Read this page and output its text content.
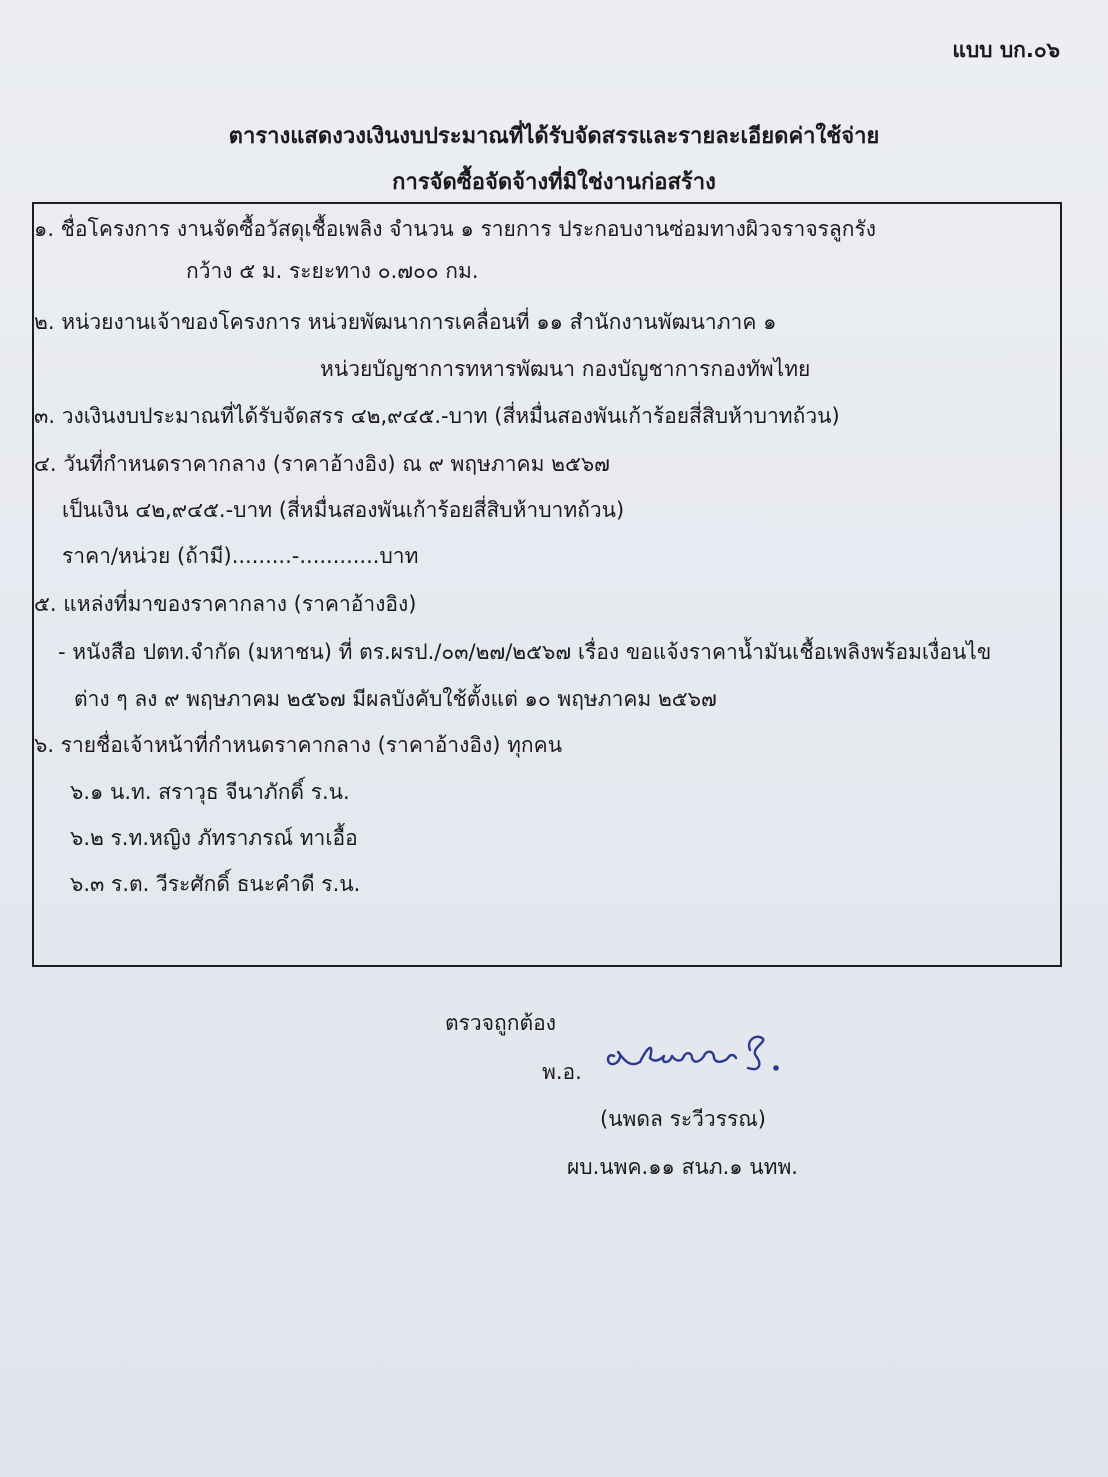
แบบ บก.๐๖
ตารางแสดงวงเงินงบประมาณที่ได้รับจัดสรรและรายละเอียดค่าใช้จ่าย
การจัดซื้อจัดจ้างที่มิใช่งานก่อสร้าง
๑. ชื่อโครงการ งานจัดซื้อวัสดุเชื้อเพลิง จำนวน ๑ รายการ ประกอบงานซ่อมทางผิวจราจรลูกรัง
กว้าง ๕ ม. ระยะทาง ๐.๗๐๐ กม.
๒. หน่วยงานเจ้าของโครงการ หน่วยพัฒนาการเคลื่อนที่ ๑๑ สำนักงานพัฒนาภาค ๑
หน่วยบัญชาการทหารพัฒนา กองบัญชาการกองทัพไทย
๓. วงเงินงบประมาณที่ได้รับจัดสรร ๔๒,๙๔๕.-บาท (สี่หมื่นสองพันเก้าร้อยสี่สิบห้าบาทถ้วน)
๔. วันที่กำหนดราคากลาง (ราคาอ้างอิง) ณ ๙ พฤษภาคม ๒๕๖๗
เป็นเงิน ๔๒,๙๔๕.-บาท (สี่หมื่นสองพันเก้าร้อยสี่สิบห้าบาทถ้วน)
ราคา/หน่วย (ถ้ามี).........-............บาท
๕. แหล่งที่มาของราคากลาง (ราคาอ้างอิง)
- หนังสือ ปตท.จำกัด (มหาชน) ที่ ตร.ผรป./๐๓/๒๗/๒๕๖๗ เรื่อง ขอแจ้งราคาน้ำมันเชื้อเพลิงพร้อมเงื่อนไข
ต่าง ๆ ลง ๙ พฤษภาคม ๒๕๖๗ มีผลบังคับใช้ตั้งแต่ ๑๐ พฤษภาคม ๒๕๖๗
๖. รายชื่อเจ้าหน้าที่กำหนดราคากลาง (ราคาอ้างอิง) ทุกคน
๖.๑ น.ท. สราวุธ จีนาภักดิ์ ร.น.
๖.๒ ร.ท.หญิง ภัทราภรณ์ ทาเอื้อ
๖.๓ ร.ต. วีระศักดิ์ ธนะคำดี ร.น.
ตรวจถูกต้อง
พ.อ.
(นพดล ระวีวรรณ)
ผบ.นพค.๑๑ สนภ.๑ นทพ.
